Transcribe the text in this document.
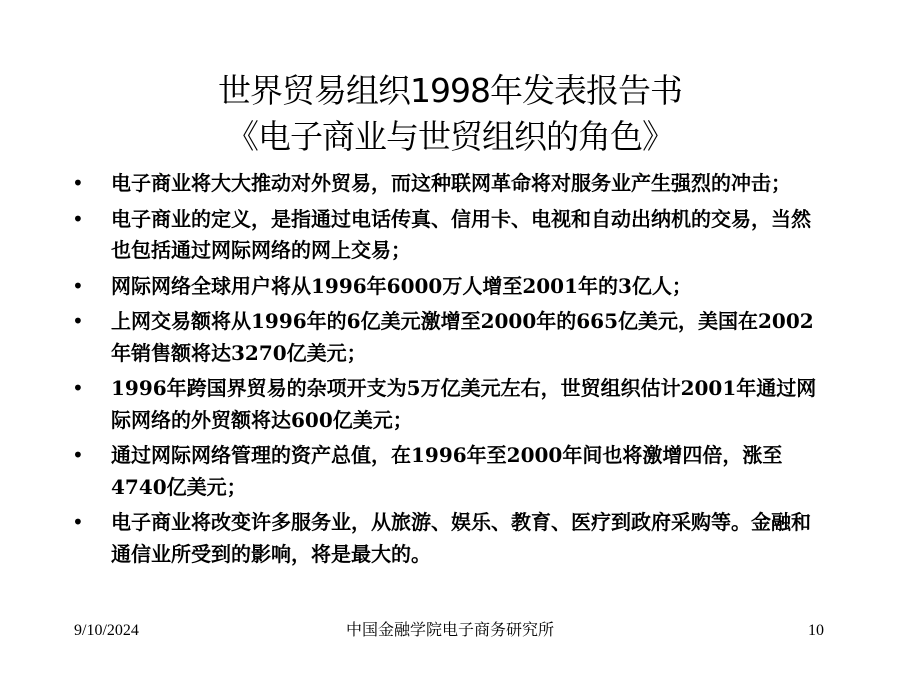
世界贸易组织1998年发表报告书
《电子商业与世贸组织的角色》
• 电子商业将大大推动对外贸易，而这种联网革命将对服务业产生强烈的冲击；
• 电子商业的定义，是指通过电话传真、信用卡、电视和自动出纳机的交易，当然也包括通过网际网络的网上交易；
• 网际网络全球用户将从1996年6000万人增至2001年的3亿人；
• 上网交易额将从1996年的6亿美元激增至2000年的665亿美元，美国在2002年销售额将达3270亿美元；
• 1996年跨国界贸易的杂项开支为5万亿美元左右，世贸组织估计2001年通过网际网络的外贸额将达600亿美元；
• 通过网际网络管理的资产总值，在1996年至2000年间也将激增四倍，涨至4740亿美元；
• 电子商业将改变许多服务业，从旅游、娱乐、教育、医疗到政府采购等。金融和通信业所受到的影响，将是最大的。
9/10/2024	中国金融学院电子商务研究所	10
